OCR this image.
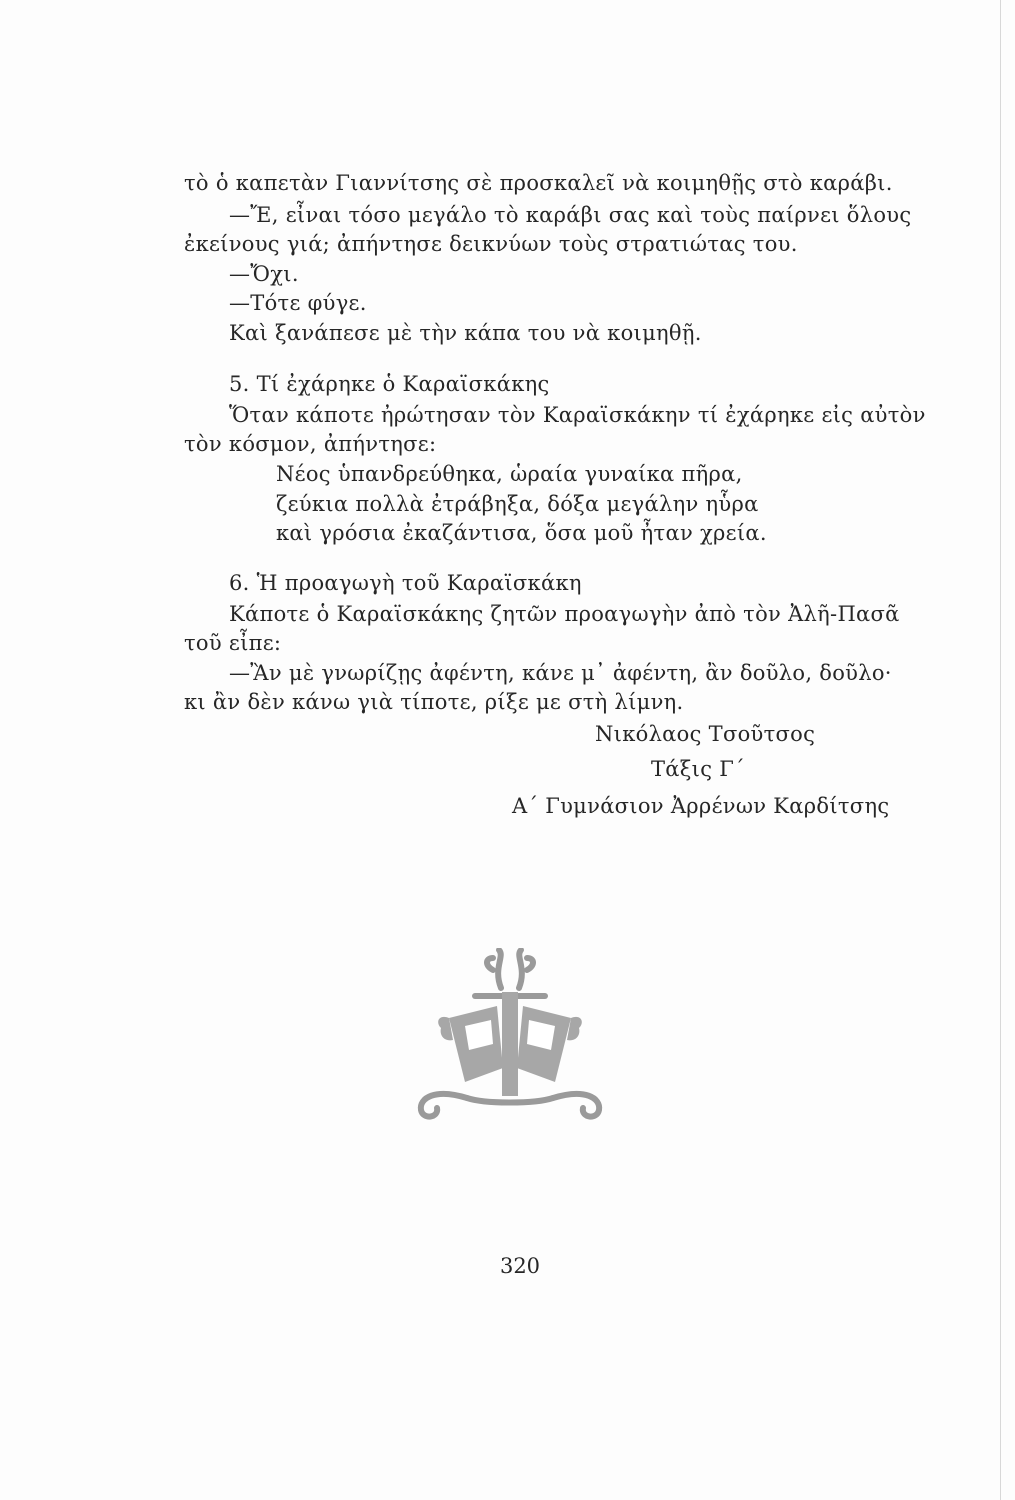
τὸ ὁ καπετὰν Γιαννίτσης σὲ προσκαλεῖ νὰ κοιμηθῇς στὸ καράβι.
—Ἔ, εἶναι τόσο μεγάλο τὸ καράβι σας καὶ τοὺς παίρνει ὅλους
ἐκείνους γιά; ἀπήντησε δεικνύων τοὺς στρατιώτας του.
—Ὄχι.
—Τότε φύγε.
Καὶ ξανάπεσε μὲ τὴν κάπα του νὰ κοιμηθῇ.
5. Τί ἐχάρηκε ὁ Καραϊσκάκης
Ὅταν κάποτε ἠρώτησαν τὸν Καραϊσκάκην τί ἐχάρηκε εἰς αὐτὸν
τὸν κόσμον, ἀπήντησε:
Νέος ὑπανδρεύθηκα, ὡραία γυναίκα πῆρα,
ζεύκια πολλὰ ἐτράβηξα, δόξα μεγάλην ηὗρα
καὶ γρόσια ἐκαζάντισα, ὅσα μοῦ ἦταν χρεία.
6. Ἡ προαγωγὴ τοῦ Καραϊσκάκη
Κάποτε ὁ Καραϊσκάκης ζητῶν προαγωγὴν ἀπὸ τὸν Ἀλῆ-Πασᾶ
τοῦ εἶπε:
—Ἂν μὲ γνωρίζῃς ἀφέντη, κάνε μ᾽ ἀφέντη, ἂν δοῦλο, δοῦλο·
κι ἂν δὲν κάνω γιὰ τίποτε, ρίξε με στὴ λίμνη.
Νικόλαος Τσοῦτσος
Τάξις Γ΄
Α΄ Γυμνάσιον Ἀρρένων Καρδίτσης
320
